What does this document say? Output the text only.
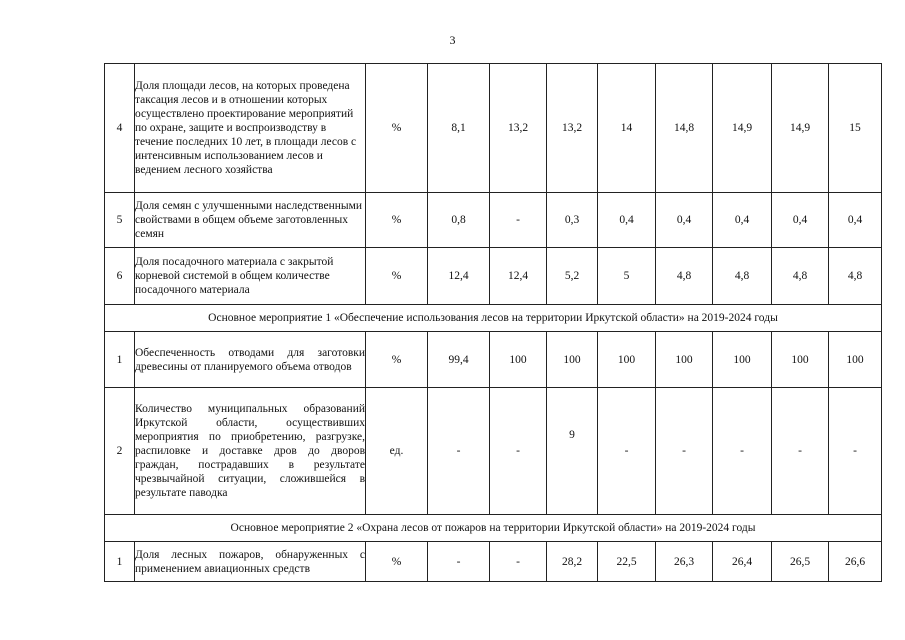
3
4	Доля площади лесов, на которых проведена таксация лесов и в отношении которых осуществлено проектирование мероприятий по охране, защите и воспроизводству в течение последних 10 лет, в площади лесов с интенсивным использованием лесов и ведением лесного хозяйства	%	8,1	13,2	13,2	14	14,8	14,9	14,9	15
5	Доля семян с улучшенными наследственными свойствами в общем объеме заготовленных семян	%	0,8	-	0,3	0,4	0,4	0,4	0,4	0,4
6	Доля посадочного материала с закрытой корневой системой в общем количестве посадочного материала	%	12,4	12,4	5,2	5	4,8	4,8	4,8	4,8
Основное мероприятие 1 «Обеспечение использования лесов на территории Иркутской области» на 2019-2024 годы										
1	Обеспеченность отводами для заготовки древесины от планируемого объема отводов	%	99,4	100	100	100	100	100	100	100
2	Количество муниципальных образований Иркутской области, осуществивших мероприятия по приобретению, разгрузке, распиловке и доставке дров до дворов граждан, пострадавших в результате чрезвычайной ситуации, сложившейся в результате паводка	ед.	-	-	9	-	-	-	-	-
Основное мероприятие 2 «Охрана лесов от пожаров на территории Иркутской области» на 2019-2024 годы										
1	Доля лесных пожаров, обнаруженных с применением авиационных средств	%	-	-	28,2	22,5	26,3	26,4	26,5	26,6
